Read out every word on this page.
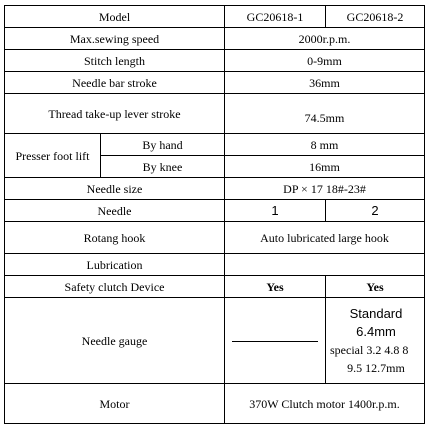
Model		GC20618-1	GC20618-2
Max.sewing speed		2000r.p.m.	
Stitch length		0-9mm	
Needle bar stroke		36mm	
Thread take-up lever stroke		74.5mm	
Presser foot lift	By hand	8 mm	
	By knee	16mm	
Needle size		DP × 17 18#-23#	
Needle		1	2
Rotang hook		Auto lubricated large hook	
Lubrication			
Safety clutch Device		Yes	Yes
Needle gauge			Standard
6.4mm
special 3.2 4.8 8
9.5 12.7mm

Motor		370W Clutch motor 1400r.p.m.	
